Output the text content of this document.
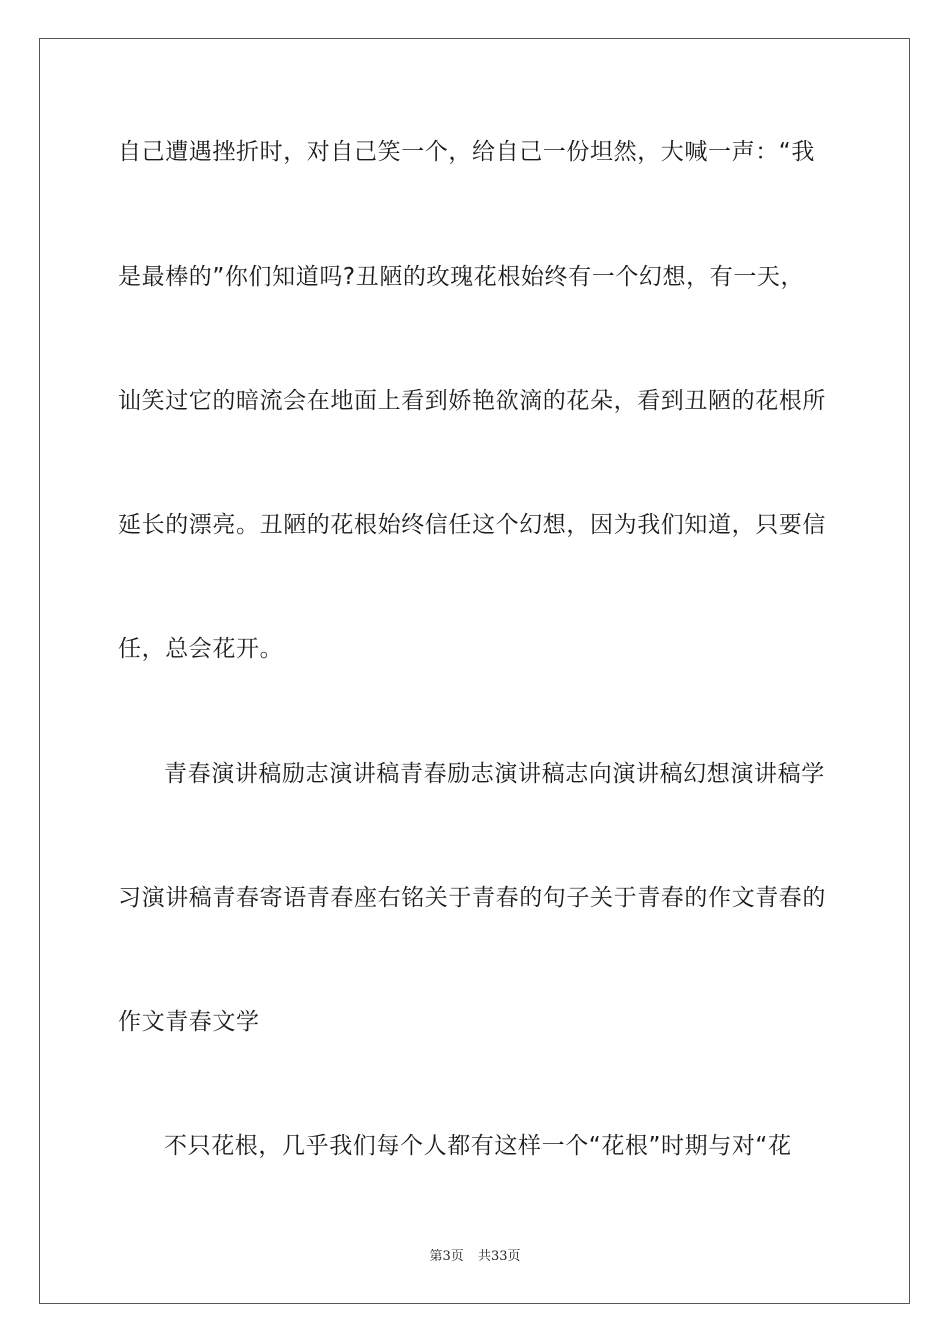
自己遭遇挫折时，对自己笑一个，给自己一份坦然，大喊一声：“我
是最棒的”你们知道吗?丑陋的玫瑰花根始终有一个幻想，有一天，
讪笑过它的暗流会在地面上看到娇艳欲滴的花朵，看到丑陋的花根所
延长的漂亮。丑陋的花根始终信任这个幻想，因为我们知道，只要信
任，总会花开。
青春演讲稿励志演讲稿青春励志演讲稿志向演讲稿幻想演讲稿学
习演讲稿青春寄语青春座右铭关于青春的句子关于青春的作文青春的
作文青春文学
不只花根，几乎我们每个人都有这样一个“花根”时期与对“花
第3页 共33页
